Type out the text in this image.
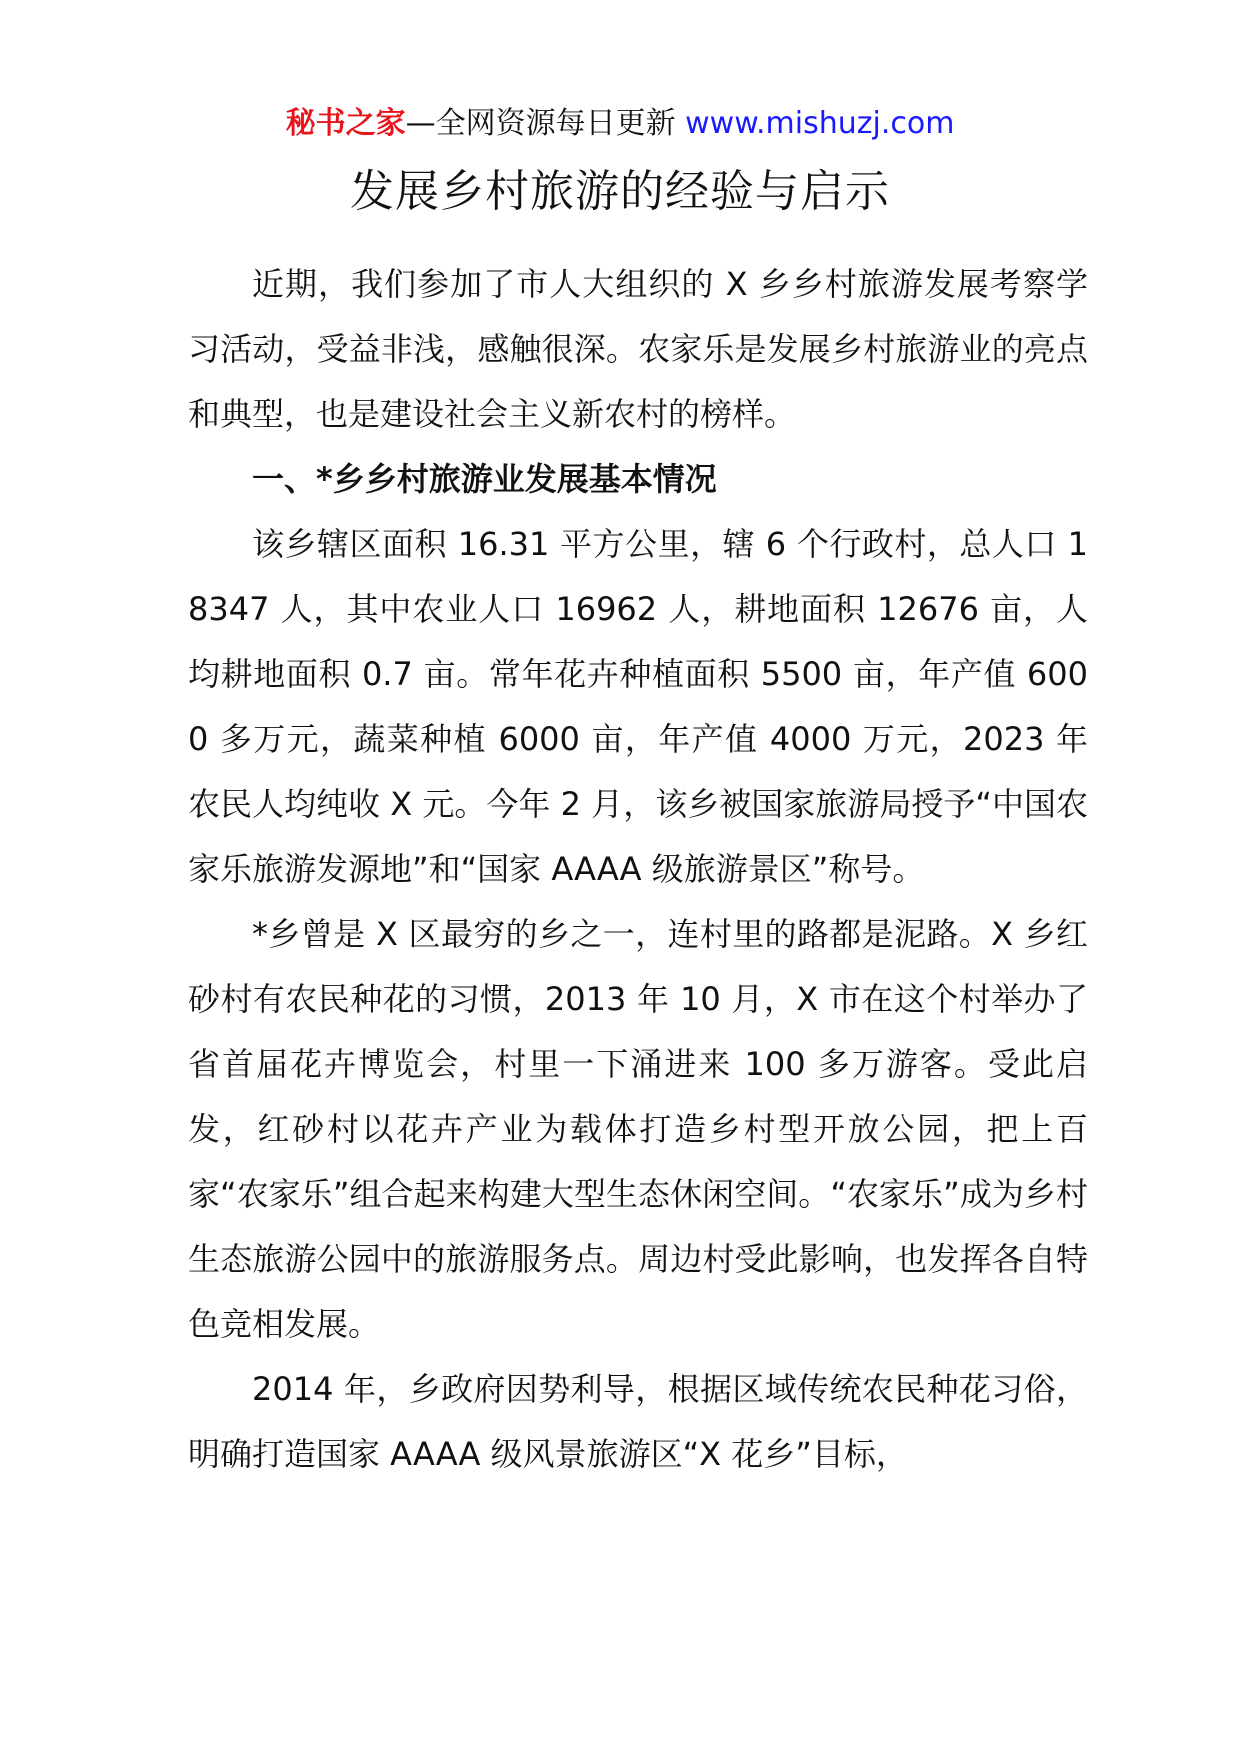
秘书之家—全网资源每日更新 www.mishuzj.com
发展乡村旅游的经验与启示

近期，我们参加了市人大组织的 X 乡乡村旅游发展考察学习活动，受益非浅，感触很深。农家乐是发展乡村旅游业的亮点和典型，也是建设社会主义新农村的榜样。

一、*乡乡村旅游业发展基本情况

该乡辖区面积 16.31 平方公里，辖 6 个行政村，总人口 18347 人，其中农业人口 16962 人，耕地面积 12676 亩，人均耕地面积 0.7 亩。常年花卉种植面积 5500 亩，年产值 6000 多万元，蔬菜种植 6000 亩，年产值 4000 万元，2023 年农民人均纯收 X 元。今年 2 月，该乡被国家旅游局授予“中国农家乐旅游发源地”和“国家 AAAA 级旅游景区”称号。

*乡曾是 X 区最穷的乡之一，连村里的路都是泥路。X 乡红砂村有农民种花的习惯，2013 年 10 月，X 市在这个村举办了省首届花卉博览会，村里一下涌进来 100 多万游客。受此启发，红砂村以花卉产业为载体打造乡村型开放公园，把上百家“农家乐”组合起来构建大型生态休闲空间。“农家乐”成为乡村生态旅游公园中的旅游服务点。周边村受此影响，也发挥各自特色竞相发展。

2014 年，乡政府因势利导，根据区域传统农民种花习俗，明确打造国家 AAAA 级风景旅游区“X 花乡”目标，
